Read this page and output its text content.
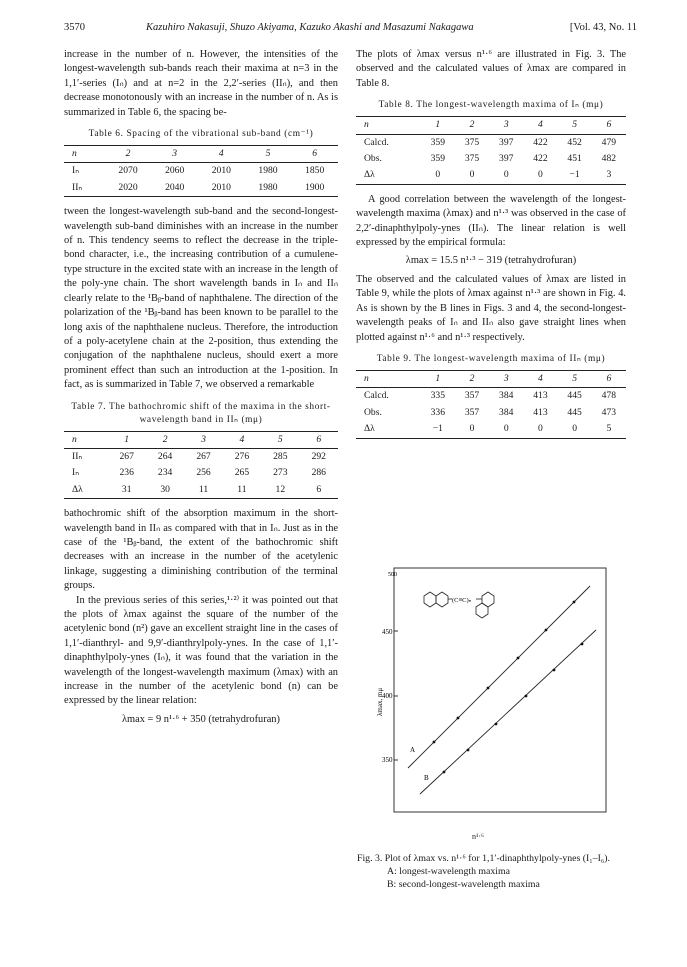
3570	Kazuhiro Nakasuji, Shuzo Akiyama, Kazuko Akashi and Masazumi Nakagawa	[Vol. 43, No. 11

increase in the number of n. However, the intensities of the longest-wavelength sub-bands reach their maxima at n=3 in the 1,1′-series (Iₙ) and at n=2 in the 2,2′-series (IIₙ), and then decrease monotonously with an increase in the number of n. As is summarized in Table 6, the spacing be-

Table 6. Spacing of the vibrational sub-band (cm⁻¹)
n	2	3	4	5	6
Iₙ	2070	2060	2010	1980	1850
IIₙ	2020	2040	2010	1980	1900

tween the longest-wavelength sub-band and the second-longest-wavelength sub-band diminishes with an increase in the number of n. This tendency seems to reflect the decrease in the triple-bond character, i.e., the increasing contribution of a cumulene-type structure in the excited state with an increase in the length of the poly-yne chain. The short wavelength bands in Iₙ and IIₙ clearly relate to the ¹Bᵦ-band of naphthalene. The direction of the polarization of the ¹Bᵦ-band has been known to be parallel to the long axis of the naphthalene nucleus. Therefore, the introduction of a poly-acetylene chain at the 2-position, thus extending the conjugation of the naphthalene nucleus, should exert a more prominent effect than such an introduction at the 1-position. In fact, as is summarized in Table 7, we observed a remarkable

Table 7. The bathochromic shift of the maxima in the short-wavelength band in IIₙ (mμ)
n	1	2	3	4	5	6
IIₙ	267	264	267	276	285	292
Iₙ	236	234	256	265	273	286
Δλ	31	30	11	11	12	6

bathochromic shift of the absorption maximum in the short-wavelength band in IIₙ as compared with that in Iₙ. Just as in the case of the ¹Bᵦ-band, the extent of the bathochromic shift decreases with an increase in the number of the acetylenic linkage, suggesting a diminishing contribution of the terminal groups.

In the previous series of this series,¹·²⁾ it was pointed out that the plots of λmax against the square of the number of the acetylenic bond (n²) gave an excellent straight line in the cases of 1,1′-dianthryl- and 9,9′-dianthrylpoly-ynes. In the case of 1,1′-dinaphthylpoly-ynes (Iₙ), it was found that the variation in the wavelength of the longest-wavelength maximum (λmax) with an increase in the number of the acetylenic bond (n) can be expressed by the linear relation:

λmax = 9 n¹·⁶ + 350 (tetrahydrofuran)

The plots of λmax versus n¹·⁶ are illustrated in Fig. 3. The observed and the calculated values of λmax are compared in Table 8.

Table 8. The longest-wavelength maxima of Iₙ (mμ)
n	1	2	3	4	5	6
Calcd.	359	375	397	422	452	479
Obs.	359	375	397	422	451	482
Δλ	0	0	0	0	−1	3

A good correlation between the wavelength of the longest-wavelength maxima (λmax) and n¹·³ was observed in the case of 2,2′-dinaphthylpoly-ynes (IIₙ). The linear relation is well expressed by the empirical formula:

λmax = 15.5 n¹·³ − 319 (tetrahydrofuran)

The observed and the calculated values of λmax are listed in Table 9, while the plots of λmax against n¹·³ are shown in Fig. 4. As is shown by the B lines in Figs. 3 and 4, the second-longest-wavelength peaks of Iₙ and IIₙ also gave straight lines when plotted against n¹·⁶ and n¹·³ respectively.

Table 9. The longest-wavelength maxima of IIₙ (mμ)
n	1	2	3	4	5	6
Calcd.	335	357	384	413	445	478
Obs.	336	357	384	413	445	473
Δλ	−1	0	0	0	0	5
500
450
400
350
A
B
(C≡C)ₙ
λmax, mμ
n¹·⁶
Fig. 3. Plot of λmax vs. n¹·⁶ for 1,1′-dinaphthylpoly-ynes (I₁–I₆).
A: longest-wavelength maxima
B: second-longest-wavelength maxima
